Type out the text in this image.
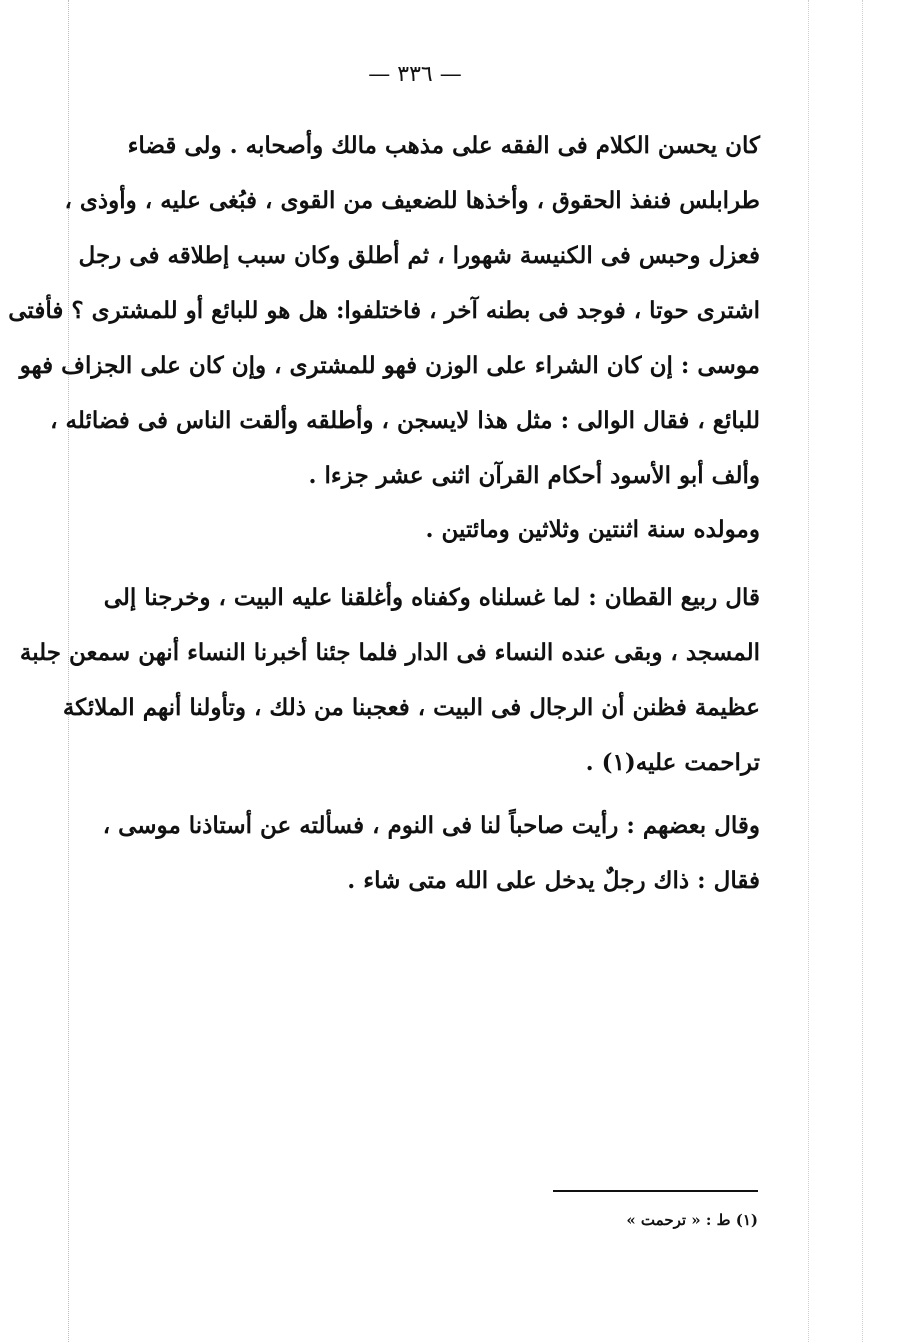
— ٣٣٦ —
كان يحسن الكلام فى الفقه على مذهب مالك وأصحابه . ولى قضاء
طرابلس فنفذ الحقوق ، وأخذها للضعيف من القوى ، فبُغى عليه ، وأوذى ،
فعزل وحبس فى الكنيسة شهورا ، ثم أطلق وكان سبب إطلاقه فى رجل
اشترى حوتا ، فوجد فى بطنه آخر ، فاختلفوا: هل هو للبائع أو للمشترى ؟ فأفتى
موسى : إن كان الشراء على الوزن فهو للمشترى ، وإن كان على الجزاف فهو
للبائع ، فقال الوالى : مثل هذا لايسجن ، وأطلقه وألقت الناس فى فضائله ،
وألف أبو الأسود أحكام القرآن اثنى عشر جزءا .
ومولده سنة اثنتين وثلاثين ومائتين .
قال ربيع القطان : لما غسلناه وكفناه وأغلقنا عليه البيت ، وخرجنا إلى
المسجد ، وبقى عنده النساء فى الدار فلما جئنا أخبرنا النساء أنهن سمعن جلبة
عظيمة فظنن أن الرجال فى البيت ، فعجبنا من ذلك ، وتأولنا أنهم الملائكة
تراحمت عليه(١) .
وقال بعضهم : رأيت صاحباً لنا فى النوم ، فسألته عن أستاذنا موسى ،
فقال : ذاك رجلٌ يدخل على الله متى شاء .
(١) ط : « ترحمت »
